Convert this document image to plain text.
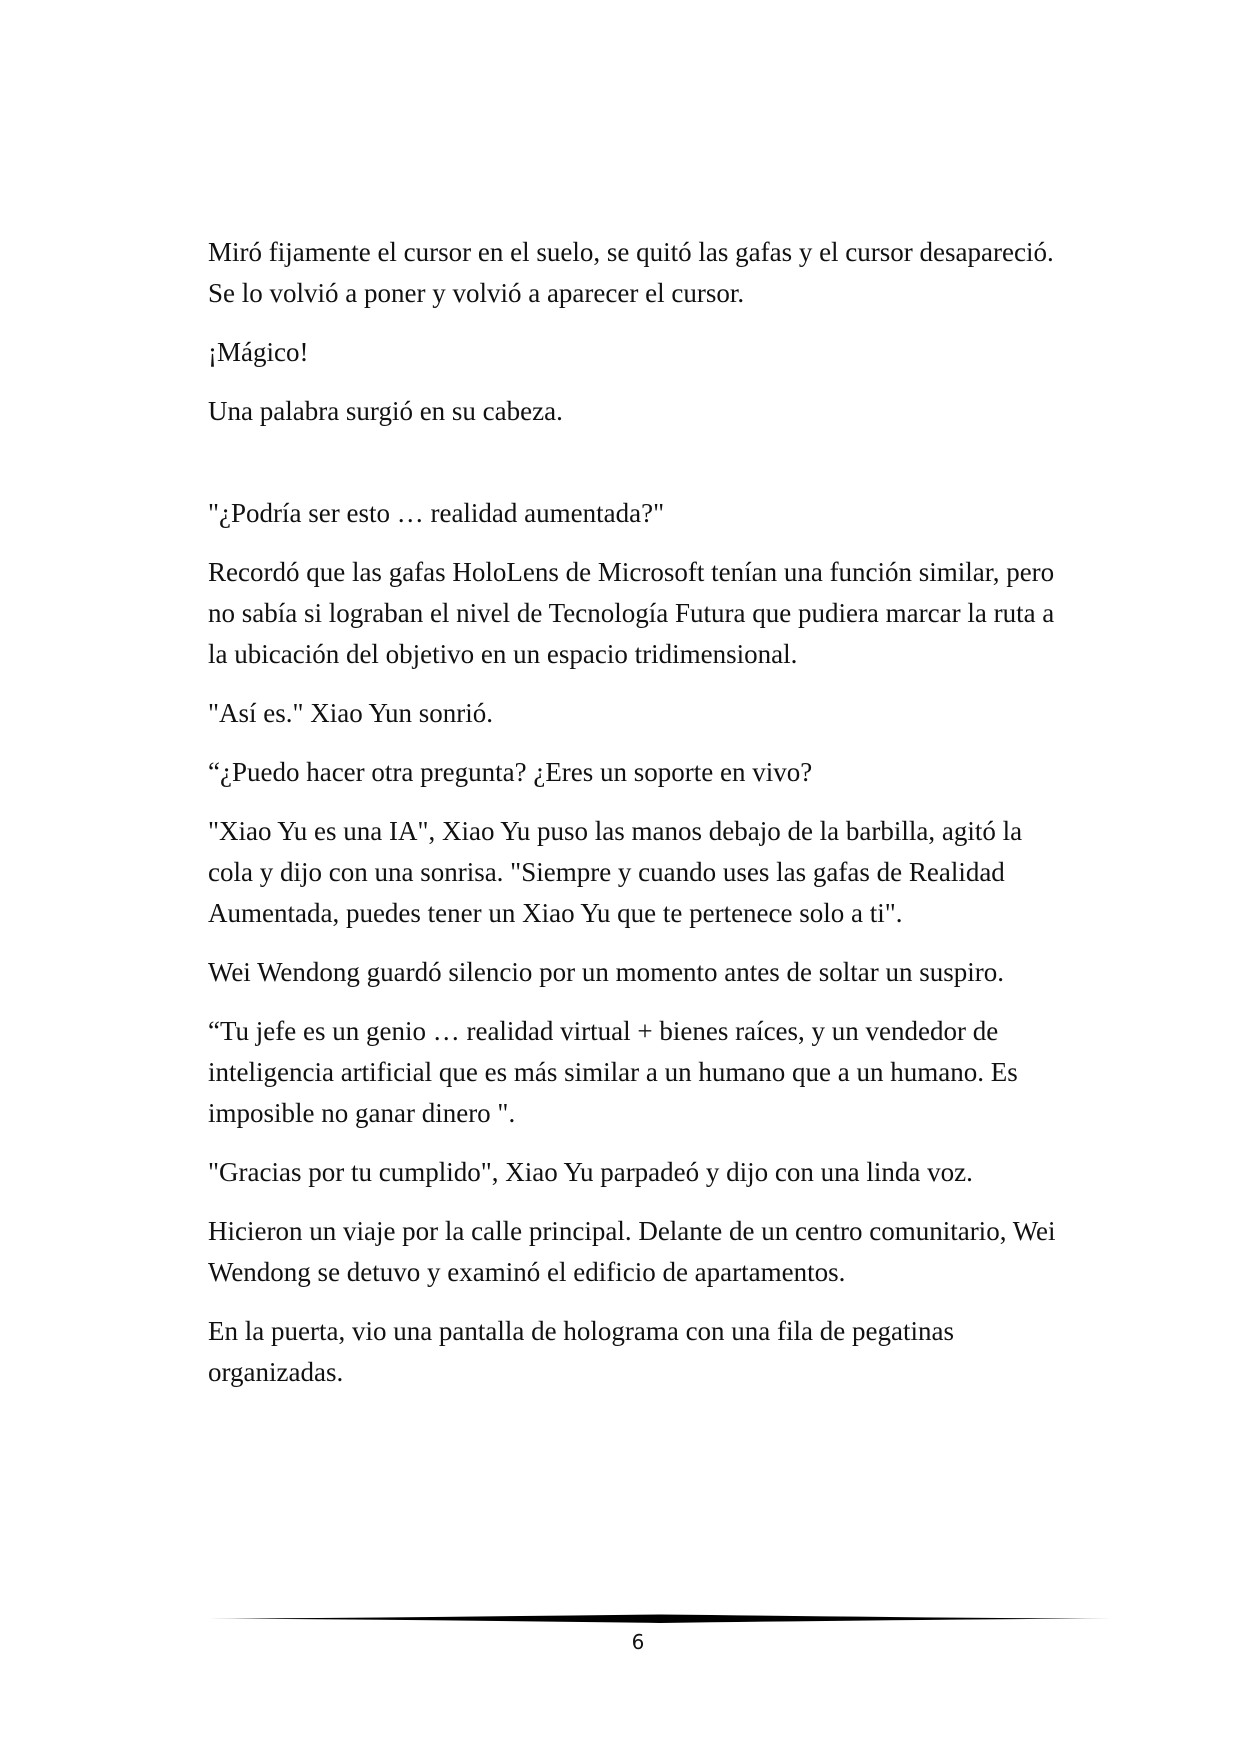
Miró fijamente el cursor en el suelo, se quitó las gafas y el cursor desapareció. Se lo volvió a poner y volvió a aparecer el cursor.

¡Mágico!

Una palabra surgió en su cabeza.

"¿Podría ser esto … realidad aumentada?"

Recordó que las gafas HoloLens de Microsoft tenían una función similar, pero no sabía si lograban el nivel de Tecnología Futura que pudiera marcar la ruta a la ubicación del objetivo en un espacio tridimensional.

"Así es." Xiao Yun sonrió.

“¿Puedo hacer otra pregunta? ¿Eres un soporte en vivo?

"Xiao Yu es una IA", Xiao Yu puso las manos debajo de la barbilla, agitó la cola y dijo con una sonrisa. "Siempre y cuando uses las gafas de Realidad Aumentada, puedes tener un Xiao Yu que te pertenece solo a ti".

Wei Wendong guardó silencio por un momento antes de soltar un suspiro.

“Tu jefe es un genio … realidad virtual + bienes raíces, y un vendedor de inteligencia artificial que es más similar a un humano que a un humano. Es imposible no ganar dinero ".

"Gracias por tu cumplido", Xiao Yu parpadeó y dijo con una linda voz.

Hicieron un viaje por la calle principal. Delante de un centro comunitario, Wei Wendong se detuvo y examinó el edificio de apartamentos.

En la puerta, vio una pantalla de holograma con una fila de pegatinas organizadas.

6
